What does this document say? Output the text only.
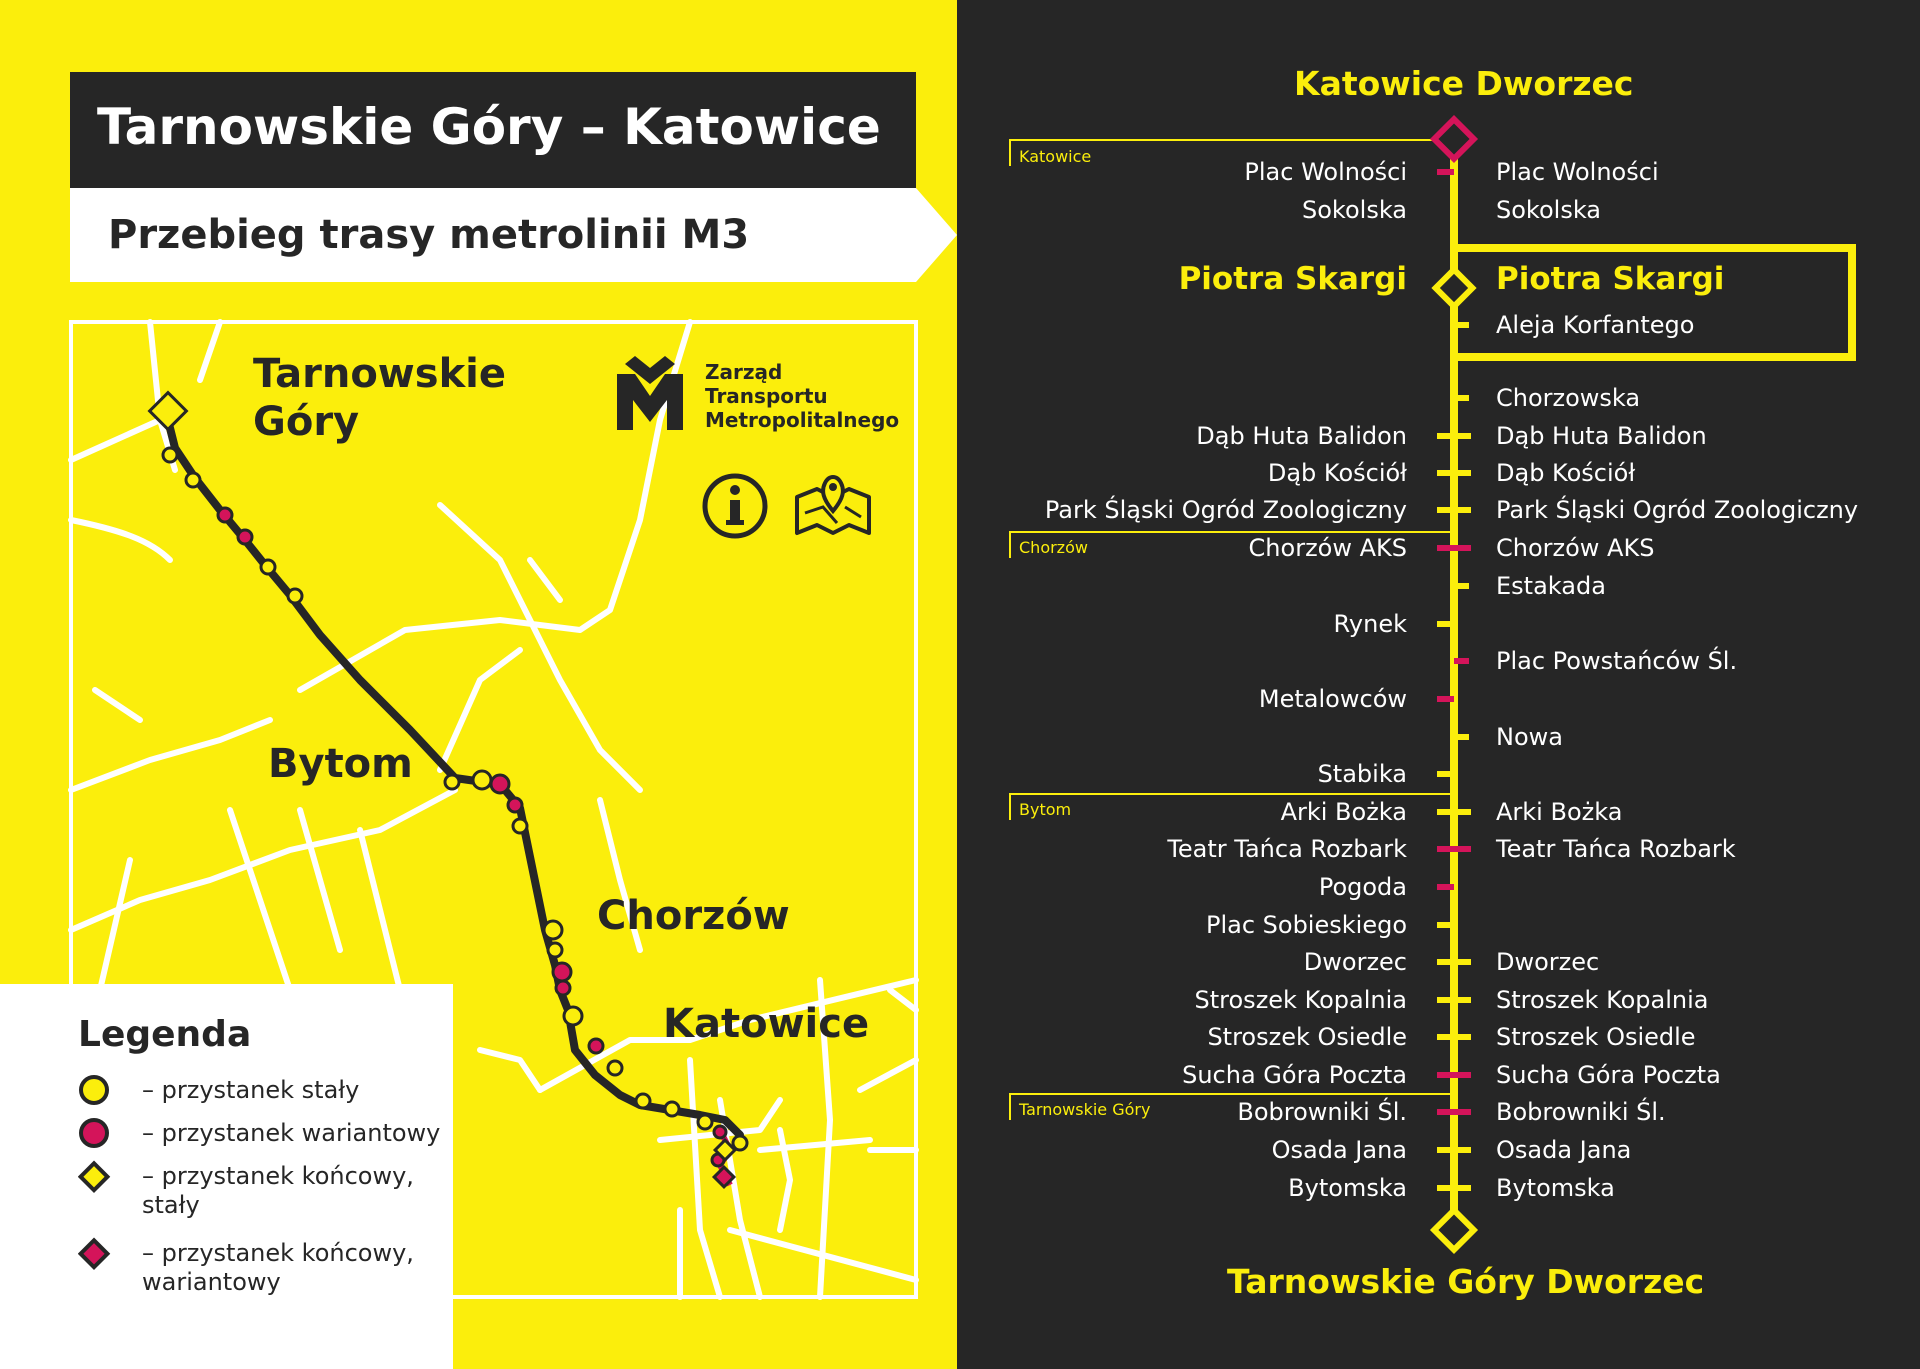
Tarnowskie Góry – Katowice
Przebieg trasy metrolinii M3
Tarnowskie
Góry
Bytom
Chorzów
Katowice
Zarząd
Transportu
Metropolitalnego
Legenda
– przystanek stały
– przystanek wariantowy
– przystanek końcowy,
stały
– przystanek końcowy,
wariantowy
Katowice Dworzec
Tarnowskie Góry Dworzec
Katowice
Chorzów
Bytom
Tarnowskie Góry
Plac Wolności
Sokolska
Piotra Skargi
Dąb Huta Balidon
Dąb Kościół
Park Śląski Ogród Zoologiczny
Chorzów AKS
Rynek
Metalowców
Stabika
Arki Bożka
Teatr Tańca Rozbark
Pogoda
Plac Sobieskiego
Dworzec
Stroszek Kopalnia
Stroszek Osiedle
Sucha Góra Poczta
Bobrowniki Śl.
Osada Jana
Bytomska
Plac Wolności
Sokolska
Piotra Skargi
Aleja Korfantego
Chorzowska
Dąb Huta Balidon
Dąb Kościół
Park Śląski Ogród Zoologiczny
Chorzów AKS
Estakada
Plac Powstańców Śl.
Nowa
Arki Bożka
Teatr Tańca Rozbark
Dworzec
Stroszek Kopalnia
Stroszek Osiedle
Sucha Góra Poczta
Bobrowniki Śl.
Osada Jana
Bytomska
